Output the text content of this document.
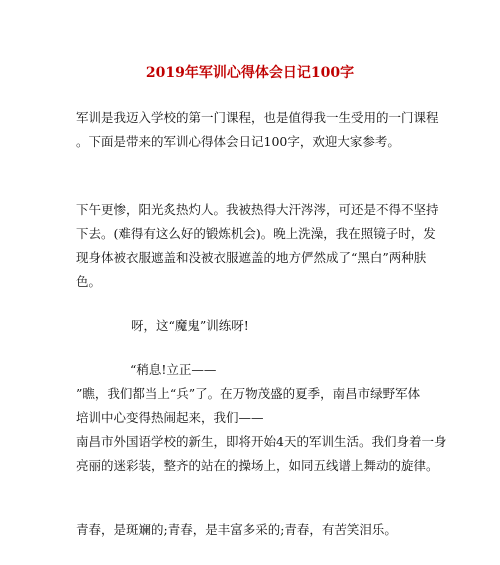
2019年军训心得体会日记100字
军训是我迈入学校的第一门课程，也是值得我一生受用的一门课程
。下面是带来的军训心得体会日记100字，欢迎大家参考。
下午更惨，阳光炙热灼人。我被热得大汗涔涔，可还是不得不坚持
下去。(难得有这么好的锻炼机会)。晚上洗澡，我在照镜子时，发
现身体被衣服遮盖和没被衣服遮盖的地方俨然成了“黑白”两种肤
色。
呀，这“魔鬼”训练呀!
“稍息!立正——
”瞧，我们都当上“兵”了。在万物茂盛的夏季，南昌市绿野军体
培训中心变得热闹起来，我们——
南昌市外国语学校的新生，即将开始4天的军训生活。我们身着一身
亮丽的迷彩装，整齐的站在的操场上，如同五线谱上舞动的旋律。
青春，是斑斓的;青春，是丰富多采的;青春，有苦笑泪乐。
